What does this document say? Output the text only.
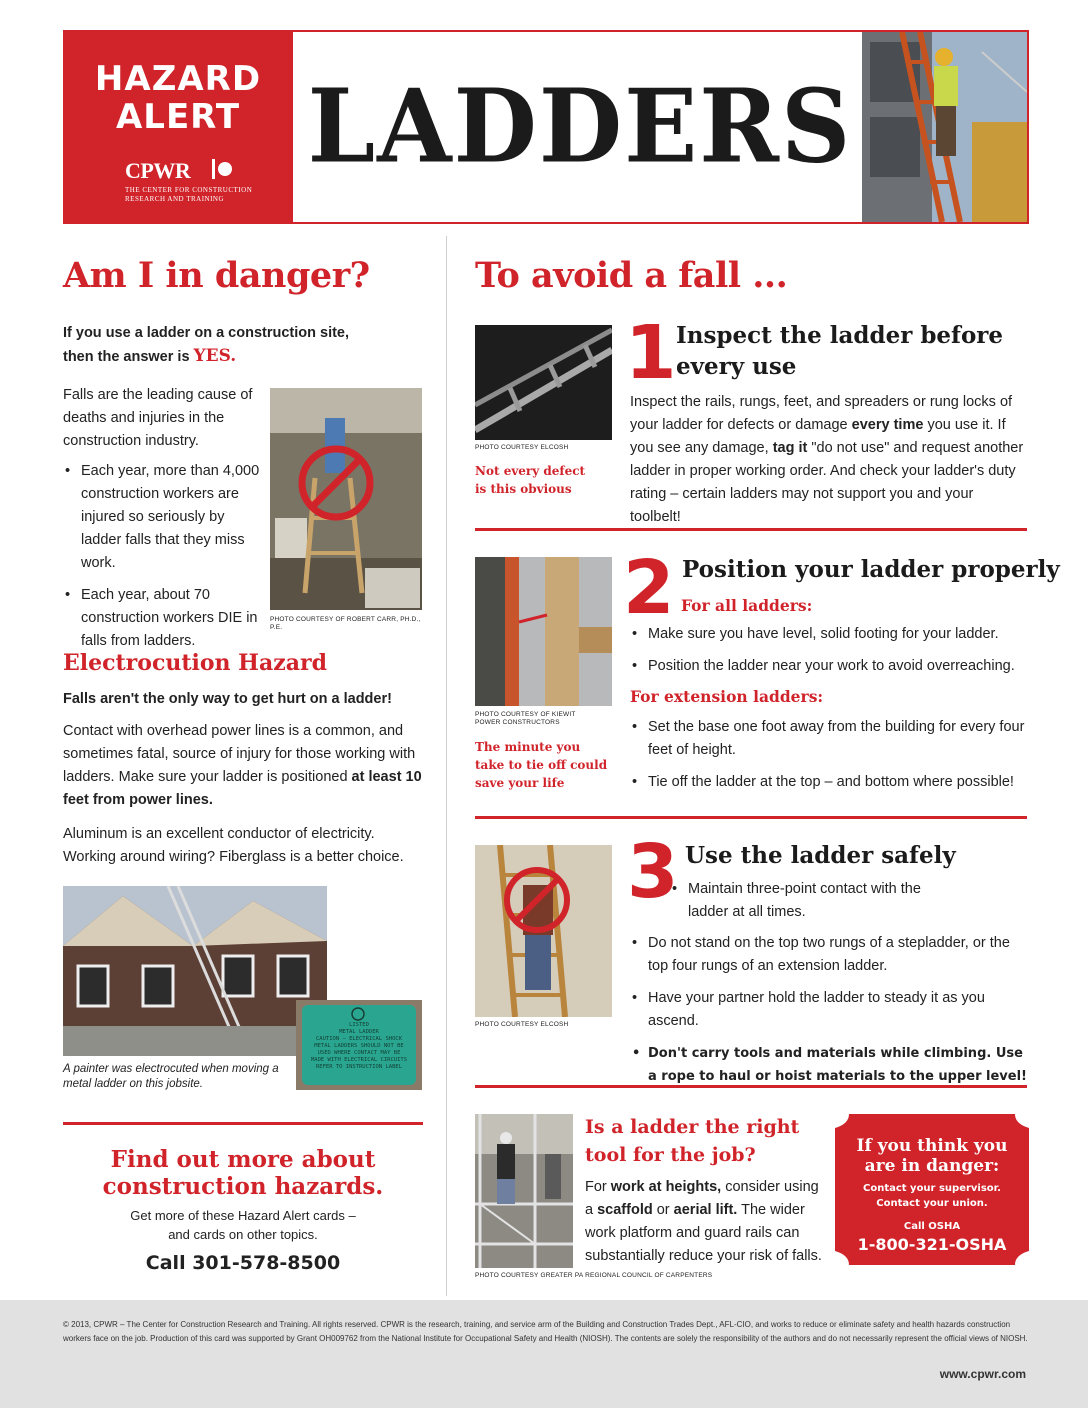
HAZARD
ALERT
CPWR
THE CENTER FOR CONSTRUCTION
RESEARCH AND TRAINING
LADDERS
Am I in danger?
If you use a ladder on a construction site,
then the answer is YES.
Falls are the leading cause of deaths and injuries in the construction industry.
• Each year, more than 4,000 construction workers are injured so seriously by ladder falls that they miss work.
• Each year, about 70 construction workers DIE in falls from ladders.
PHOTO COURTESY OF ROBERT CARR, PH.D., P.E.
Electrocution Hazard
Falls aren't the only way to get hurt on a ladder!
Contact with overhead power lines is a common, and sometimes fatal, source of injury for those working with ladders. Make sure your ladder is positioned at least 10 feet from power lines.
Aluminum is an excellent conductor of electricity. Working around wiring? Fiberglass is a better choice.
LISTED
METAL LADDER
CAUTION – ELECTRICAL SHOCK
METAL LADDERS SHOULD NOT BE
USED WHERE CONTACT MAY BE
MADE WITH ELECTRICAL CIRCUITS
REFER TO INSTRUCTION LABEL
A painter was electrocuted when moving a metal ladder on this jobsite.
Find out more about
construction hazards.
Get more of these Hazard Alert cards –
and cards on other topics.
Call 301-578-8500
To avoid a fall ...
PHOTO COURTESY ELCOSH
Not every defect
is this obvious
1 Inspect the ladder before
every use
Inspect the rails, rungs, feet, and spreaders or rung locks of your ladder for defects or damage every time you use it. If you see any damage, tag it "do not use" and request another ladder in proper working order. And check your ladder's duty rating – certain ladders may not support you and your toolbelt!
PHOTO COURTESY OF KIEWIT
POWER CONSTRUCTORS
The minute you
take to tie off could
save your life
2 Position your ladder properly
For all ladders:
• Make sure you have level, solid footing for your ladder.
• Position the ladder near your work to avoid overreaching.
For extension ladders:
• Set the base one foot away from the building for every four feet of height.
• Tie off the ladder at the top – and bottom where possible!
PHOTO COURTESY ELCOSH
3 Use the ladder safely
• Maintain three-point contact with the ladder at all times.
• Do not stand on the top two rungs of a stepladder, or the top four rungs of an extension ladder.
• Have your partner hold the ladder to steady it as you ascend.
• Don't carry tools and materials while climbing. Use a rope to haul or hoist materials to the upper level!
PHOTO COURTESY GREATER PA REGIONAL COUNCIL OF CARPENTERS
Is a ladder the right
tool for the job?
For work at heights, consider using a scaffold or aerial lift. The wider work platform and guard rails can substantially reduce your risk of falls.
If you think you
are in danger:
Contact your supervisor.
Contact your union.
Call OSHA
1-800-321-OSHA
© 2013, CPWR – The Center for Construction Research and Training. All rights reserved. CPWR is the research, training, and service arm of the Building and Construction Trades Dept., AFL-CIO, and works to reduce or eliminate safety and health hazards construction workers face on the job. Production of this card was supported by Grant OH009762 from the National Institute for Occupational Safety and Health (NIOSH). The contents are solely the responsibility of the authors and do not necessarily represent the official views of NIOSH.
www.cpwr.com
